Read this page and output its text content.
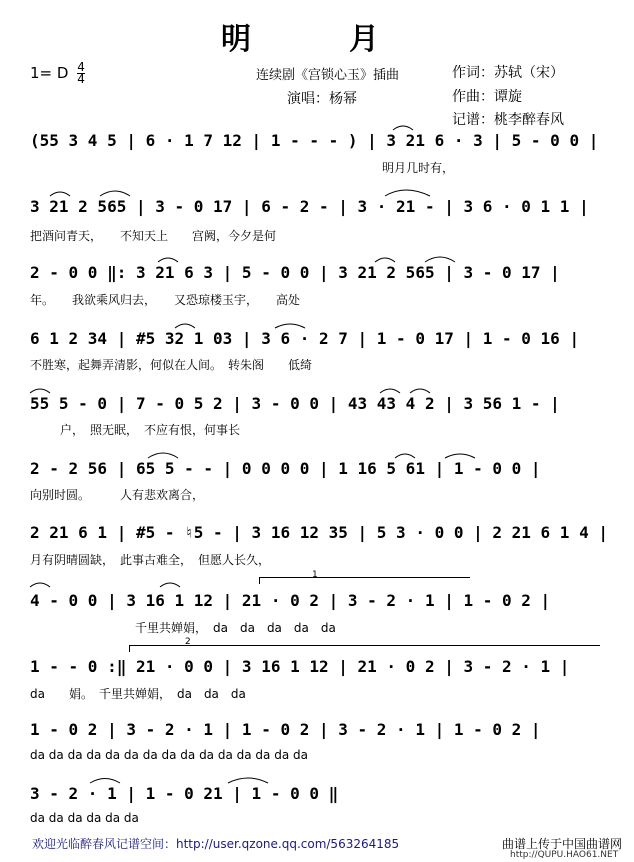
明　月
1= D $\frac{4}{4}$	连续剧《宫锁心玉》插曲
演唱：杨幂
作词：苏轼（宋）
作曲：谭旋
记谱：桃李醉春风
(55 3 4 5 | 6 · 1 7 12 | 1 - - - ) | 3 21 6 · 3 | 5 - 0 0 |
明月几时有，
3 21 2 565 | 3 - 0 17 | 6 - 2 - | 3 · 21 - | 3 6 · 0 1 1 |
把酒问青天，　　不知天上　　宫阙，今夕是何
2 - 0 0 ‖: 3 21 6 3 | 5 - 0 0 | 3 21 2 565 | 3 - 0 17 |
年。　　我欲乘风归去，　　又恐琼楼玉宇，　　高处
6 1 2 34 | #5 32 1 03 | 3 6 · 2 7 | 1 - 0 17 | 1 - 0 16 |
不胜寒，起舞弄清影，何似在人间。　转朱阁　　低绮
55 5 - 0 | 7 - 0 5 2 | 3 - 0 0 | 43 43 4 2 | 3 56 1 - |
户，　照无眠，　不应有恨，何事长
2 - 2 56 | 65 5 - - | 0 0 0 0 | 1 16 5 61 | 1 - 0 0 |
向别时圆。　　　人有悲欢离合，
2 21 6 1 | #5 - ♮5 - | 3 16 12 35 | 5 3 · 0 0 | 2 21 6 1 4 |
月有阴晴圆缺，　此事古难全，　但愿人长久，
1
4 - 0 0 | 3 16 1 12 | 21 · 0 2 | 3 - 2 · 1 | 1 - 0 2 |
千里共婵娟，　da　da　da　da　da
2
1 - - 0 :‖ 21 · 0 0 | 3 16 1 12 | 21 · 0 2 | 3 - 2 · 1 |
da　　娟。　千里共婵娟，　da　da　da
1 - 0 2 | 3 - 2 · 1 | 1 - 0 2 | 3 - 2 · 1 | 1 - 0 2 |
da da da da da da da da da da da da da da da
3 - 2 · 1 | 1 - 0 21 | 1 - 0 0 ‖
da da da da da da
欢迎光临醉春风记谱空间：http://user.qzone.qq.com/563264185	曲谱上传于中国曲谱网
http://QUPU.HAO61.NET
